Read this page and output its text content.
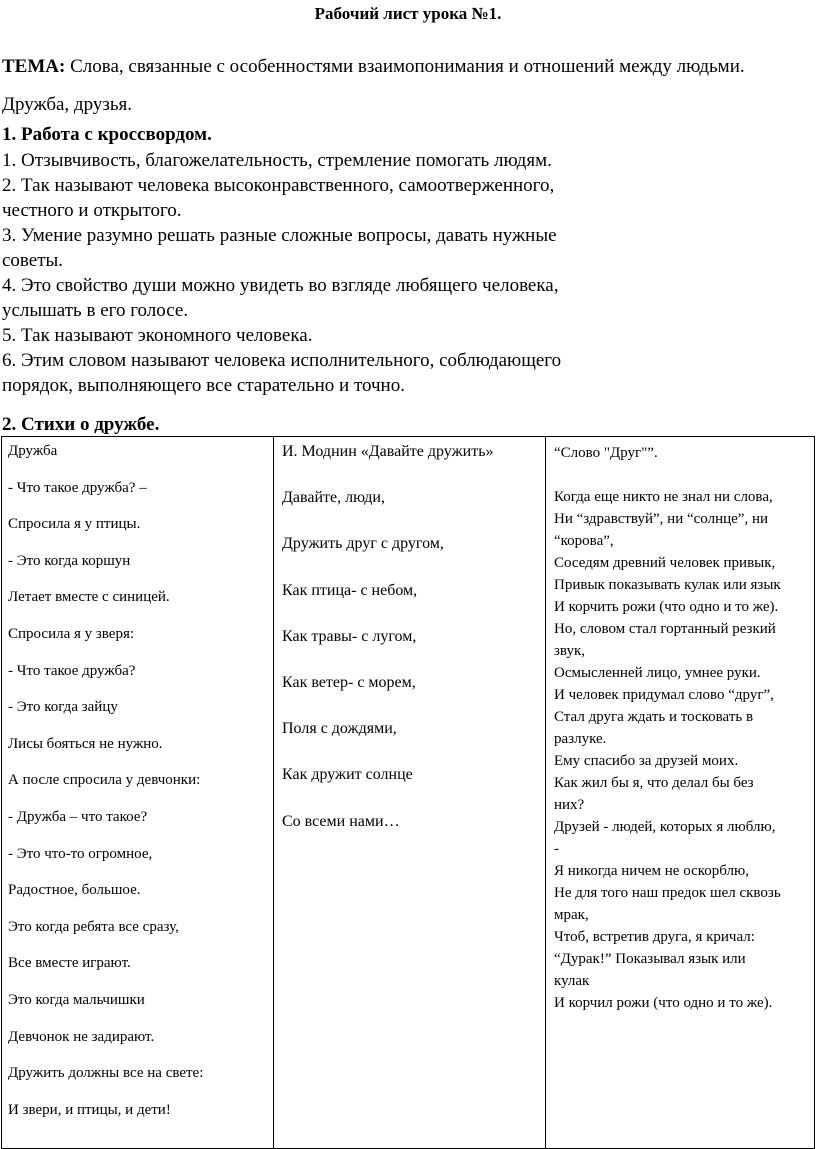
Рабочий лист урока №1.
ТЕМА: Слова, связанные с особенностями взаимопонимания и отношений между людьми. Дружба, друзья.
1. Работа с кроссвордом.
1. Отзывчивость, благожелательность, стремление помогать людям.
2. Так называют человека высоконравственного, самоотверженного,
честного и открытого.
3. Умение разумно решать разные сложные вопросы, давать нужные
советы.
4. Это свойство души можно увидеть во взгляде любящего человека,
услышать в его голосе.
5. Так называют экономного человека.
6. Этим словом называют человека исполнительного, соблюдающего
порядок, выполняющего все старательно и точно.
2. Стихи о дружбе.
Дружба
- Что такое дружба? –
Спросила я у птицы.
- Это когда коршун
Летает вместе с синицей.
Спросила я у зверя:
- Что такое дружба?
- Это когда зайцу
Лисы бояться не нужно.
А после спросила у девчонки:
- Дружба – что такое?
- Это что-то огромное,
Радостное, большое.
Это когда ребята все сразу,
Все вместе играют.
Это когда мальчишки
Девчонок не задирают.
Дружить должны все на свете:
И звери, и птицы, и дети!
И. Моднин «Давайте дружить»
Давайте, люди,
Дружить друг с другом,
Как птица- с небом,
Как травы- с лугом,
Как ветер- с морем,
Поля с дождями,
Как дружит солнце
Со всеми нами…
“Слово "Друг"”.
Когда еще никто не знал ни слова,
Ни “здравствуй”, ни “солнце”, ни
“корова”,
Соседям древний человек привык,
Привык показывать кулак или язык
И корчить рожи (что одно и то же).
Но, словом стал гортанный резкий
звук,
Осмысленней лицо, умнее руки.
И человек придумал слово “друг”,
Стал друга ждать и тосковать в
разлуке.
Ему спасибо за друзей моих.
Как жил бы я, что делал бы без
них?
Друзей - людей, которых я люблю,
-
Я никогда ничем не оскорблю,
Не для того наш предок шел сквозь
мрак,
Чтоб, встретив друга, я кричал:
“Дурак!” Показывал язык или
кулак
И корчил рожи (что одно и то же).
